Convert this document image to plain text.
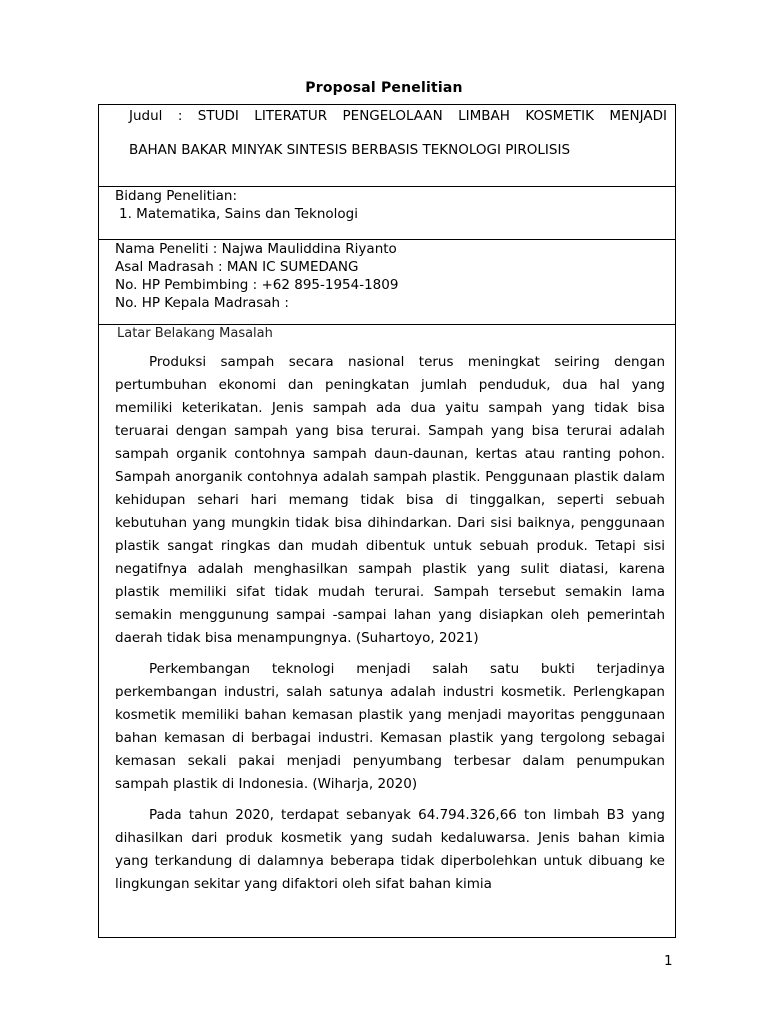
Proposal Penelitian
Judul : STUDI LITERATUR PENGELOLAAN LIMBAH KOSMETIK MENJADI
BAHAN BAKAR MINYAK SINTESIS BERBASIS TEKNOLOGI PIROLISIS
Bidang Penelitian:
1. Matematika, Sains dan Teknologi
Nama Peneliti : Najwa Mauliddina Riyanto
Asal Madrasah : MAN IC SUMEDANG
No. HP Pembimbing : +62 895-1954-1809
No. HP Kepala Madrasah :
Latar Belakang Masalah

Produksi sampah secara nasional terus meningkat seiring dengan pertumbuhan ekonomi dan peningkatan jumlah penduduk, dua hal yang memiliki keterikatan. Jenis sampah ada dua yaitu sampah yang tidak bisa teruarai dengan sampah yang bisa terurai. Sampah yang bisa terurai adalah sampah organik contohnya sampah daun-daunan, kertas atau ranting pohon. Sampah anorganik contohnya adalah sampah plastik. Penggunaan plastik dalam kehidupan sehari hari memang tidak bisa di tinggalkan, seperti sebuah kebutuhan yang mungkin tidak bisa dihindarkan. Dari sisi baiknya, penggunaan plastik sangat ringkas dan mudah dibentuk untuk sebuah produk. Tetapi sisi negatifnya adalah menghasilkan sampah plastik yang sulit diatasi, karena plastik memiliki sifat tidak mudah terurai. Sampah tersebut semakin lama semakin menggunung sampai -sampai lahan yang disiapkan oleh pemerintah daerah tidak bisa menampungnya. (Suhartoyo, 2021)

Perkembangan teknologi menjadi salah satu bukti terjadinya perkembangan industri, salah satunya adalah industri kosmetik. Perlengkapan kosmetik memiliki bahan kemasan plastik yang menjadi mayoritas penggunaan bahan kemasan di berbagai industri. Kemasan plastik yang tergolong sebagai kemasan sekali pakai menjadi penyumbang terbesar dalam penumpukan sampah plastik di Indonesia. (Wiharja, 2020)

Pada tahun 2020, terdapat sebanyak 64.794.326,66 ton limbah B3 yang dihasilkan dari produk kosmetik yang sudah kedaluwarsa. Jenis bahan kimia yang terkandung di dalamnya beberapa tidak diperbolehkan untuk dibuang ke lingkungan sekitar yang difaktori oleh sifat bahan kimia

1
